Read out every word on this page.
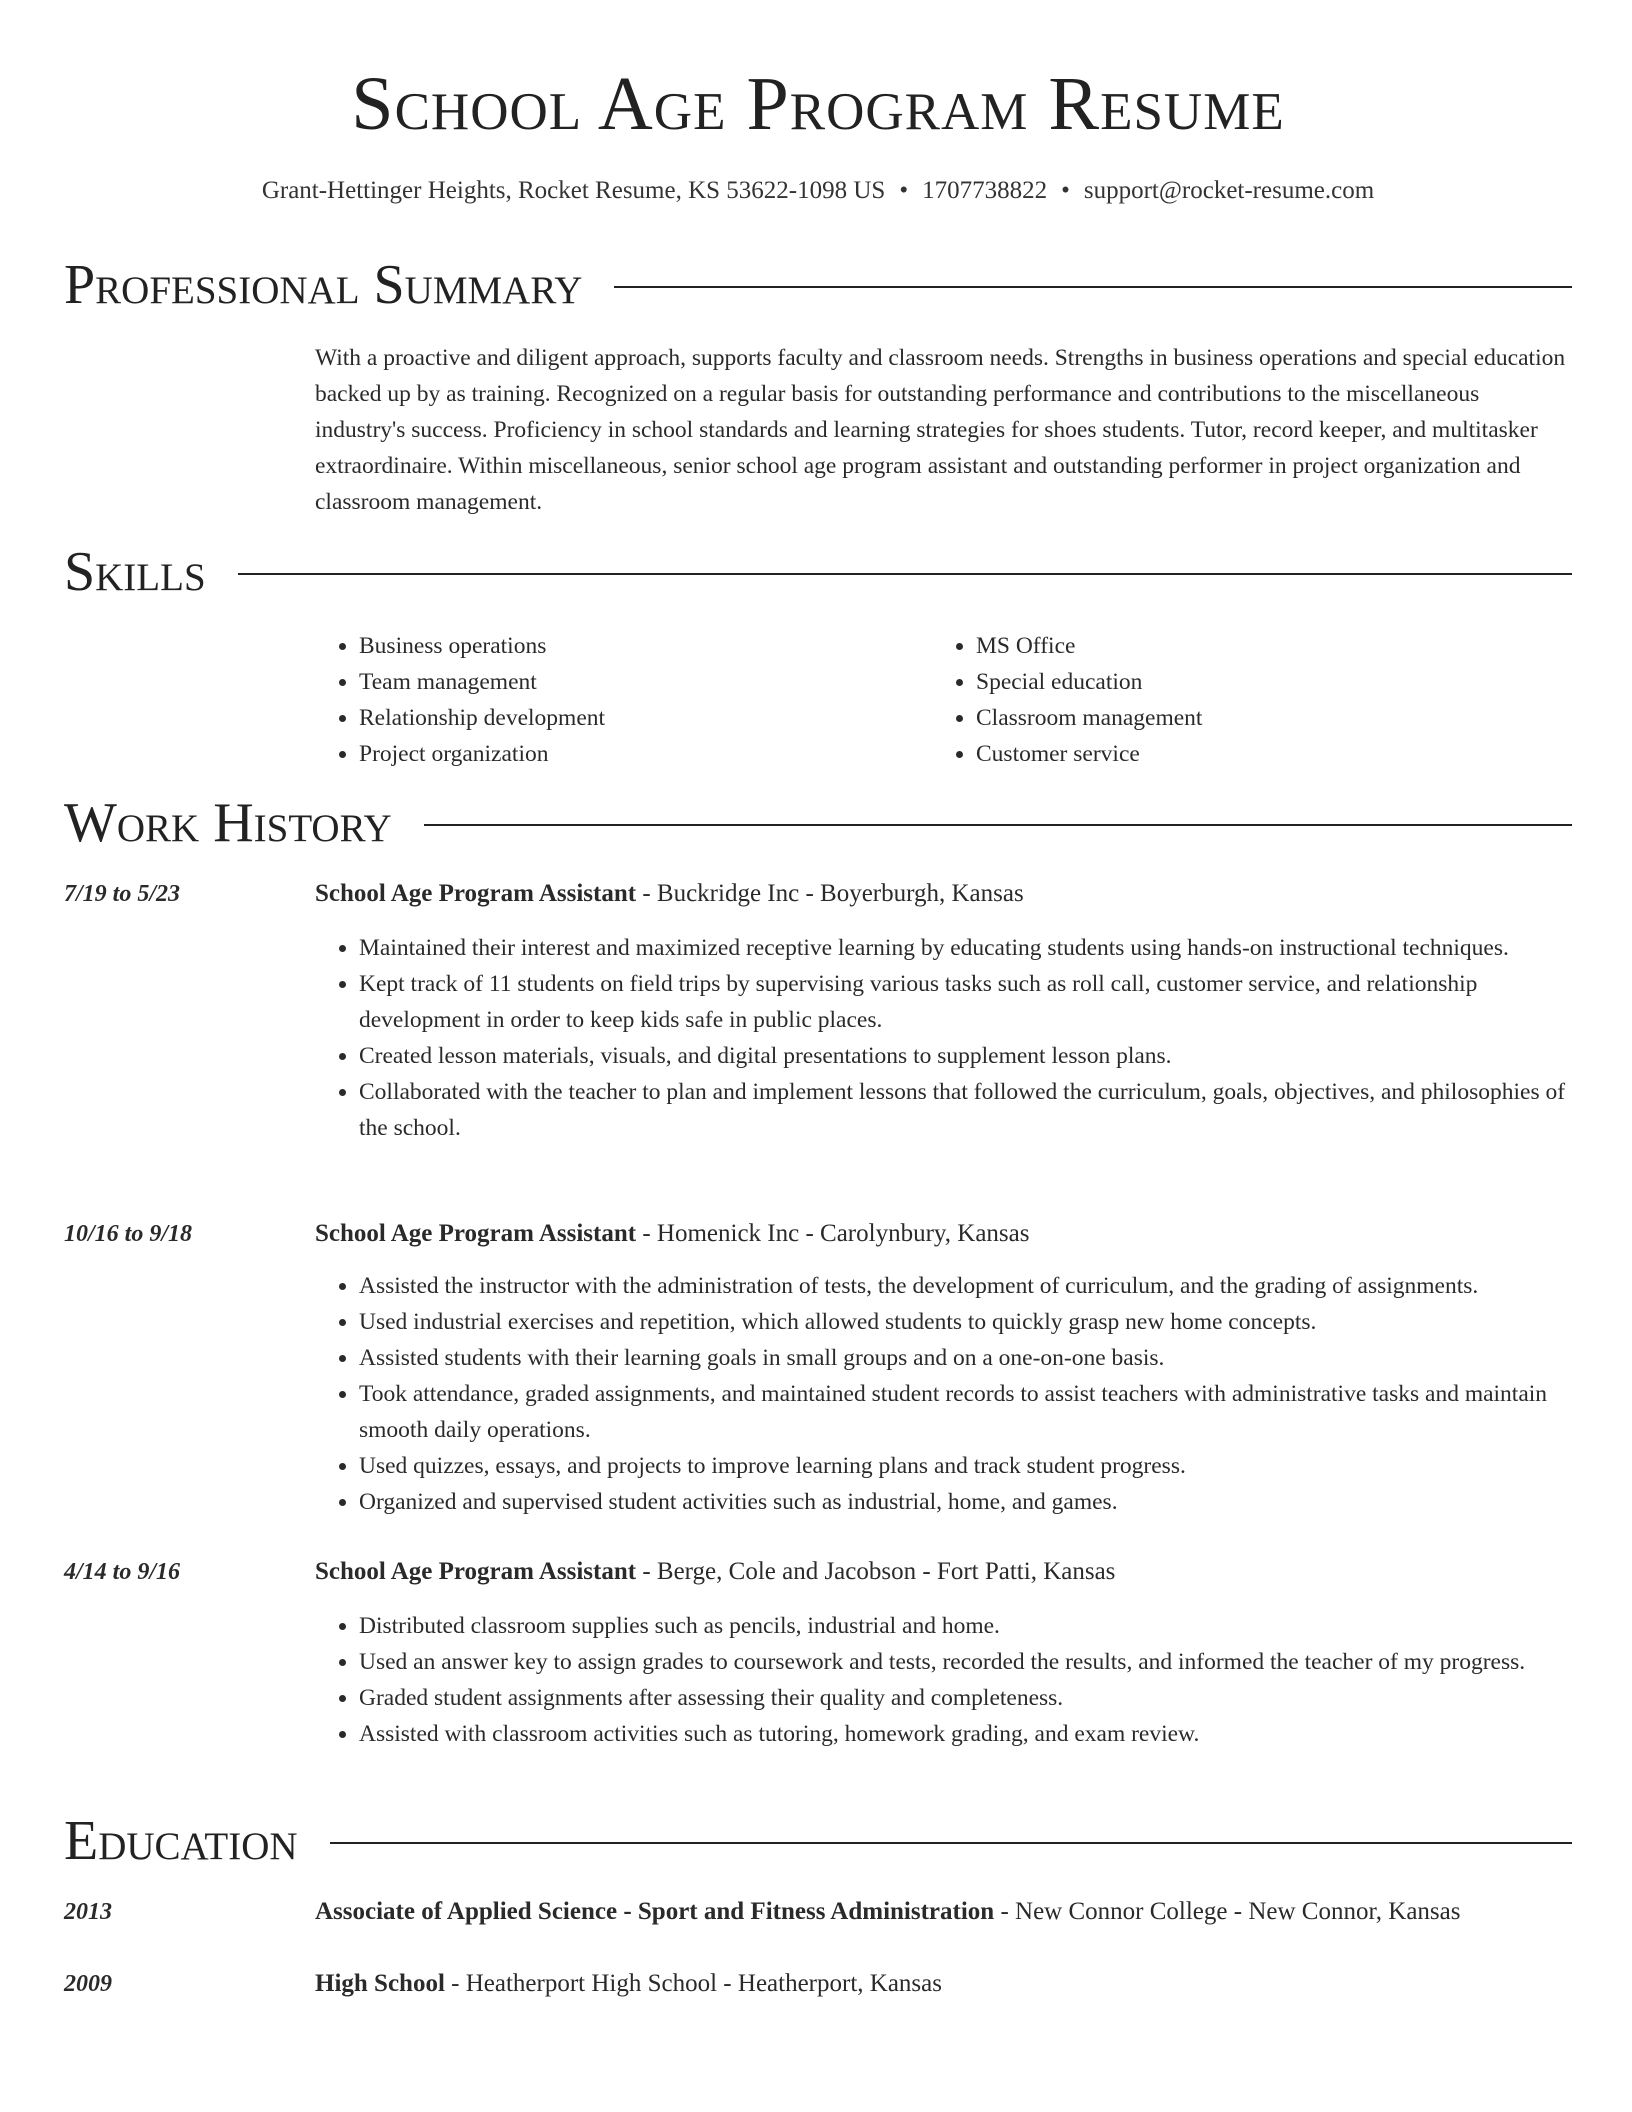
School Age Program Resume
Grant-Hettinger Heights, Rocket Resume, KS 53622-1098 US • 1707738822 • support@rocket-resume.com
Professional Summary
With a proactive and diligent approach, supports faculty and classroom needs. Strengths in business operations and special education backed up by as training. Recognized on a regular basis for outstanding performance and contributions to the miscellaneous industry's success. Proficiency in school standards and learning strategies for shoes students. Tutor, record keeper, and multitasker extraordinaire. Within miscellaneous, senior school age program assistant and outstanding performer in project organization and classroom management.
Skills
• Business operations
• Team management
• Relationship development
• Project organization
• MS Office
• Special education
• Classroom management
• Customer service
Work History
7/19 to 5/23	School Age Program Assistant - Buckridge Inc - Boyerburgh, Kansas
• Maintained their interest and maximized receptive learning by educating students using hands-on instructional techniques.
• Kept track of 11 students on field trips by supervising various tasks such as roll call, customer service, and relationship development in order to keep kids safe in public places.
• Created lesson materials, visuals, and digital presentations to supplement lesson plans.
• Collaborated with the teacher to plan and implement lessons that followed the curriculum, goals, objectives, and philosophies of the school.
10/16 to 9/18	School Age Program Assistant - Homenick Inc - Carolynbury, Kansas
• Assisted the instructor with the administration of tests, the development of curriculum, and the grading of assignments.
• Used industrial exercises and repetition, which allowed students to quickly grasp new home concepts.
• Assisted students with their learning goals in small groups and on a one-on-one basis.
• Took attendance, graded assignments, and maintained student records to assist teachers with administrative tasks and maintain smooth daily operations.
• Used quizzes, essays, and projects to improve learning plans and track student progress.
• Organized and supervised student activities such as industrial, home, and games.
4/14 to 9/16	School Age Program Assistant - Berge, Cole and Jacobson - Fort Patti, Kansas
• Distributed classroom supplies such as pencils, industrial and home.
• Used an answer key to assign grades to coursework and tests, recorded the results, and informed the teacher of my progress.
• Graded student assignments after assessing their quality and completeness.
• Assisted with classroom activities such as tutoring, homework grading, and exam review.
Education
2013	Associate of Applied Science - Sport and Fitness Administration - New Connor College - New Connor, Kansas
2009	High School - Heatherport High School - Heatherport, Kansas
